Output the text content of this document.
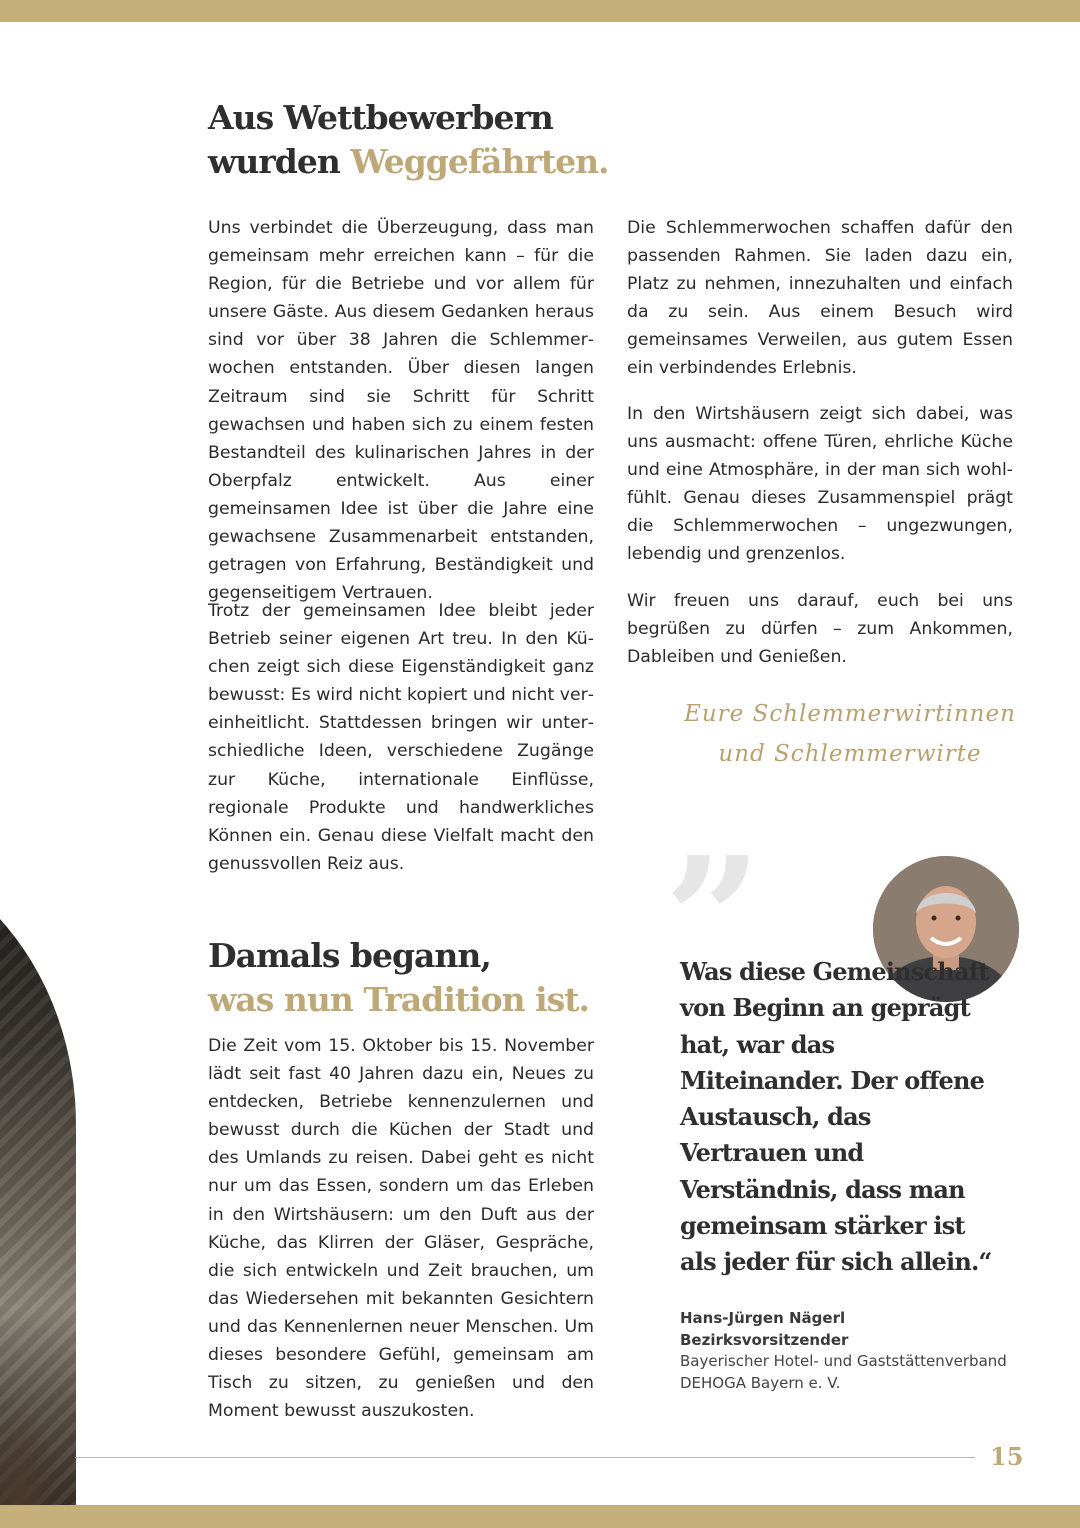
Aus Wettbewerbern
wurden Weggefährten.

Uns verbindet die Überzeugung, dass man gemeinsam mehr erreichen kann – für die Region, für die Betriebe und vor allem für unsere Gäste. Aus diesem Gedanken heraus sind vor über 38 Jahren die Schlemmerwochen entstanden. Über diesen langen Zeitraum sind sie Schritt für Schritt gewachsen und haben sich zu einem festen Bestandteil des kulinarischen Jahres in der Oberpfalz entwickelt. Aus einer gemeinsamen Idee ist über die Jahre eine gewachsene Zusammenarbeit entstanden, getragen von Erfahrung, Beständigkeit und gegenseitigem Vertrauen.

Trotz der gemeinsamen Idee bleibt jeder Betrieb seiner eigenen Art treu. In den Küchen zeigt sich diese Eigenständigkeit ganz bewusst: Es wird nicht kopiert und nicht vereinheitlicht. Stattdessen bringen wir unterschiedliche Ideen, verschiedene Zugänge zur Küche, internationale Einflüsse, regionale Produkte und handwerkliches Können ein. Genau diese Vielfalt macht den genussvollen Reiz aus.

Damals begann,
was nun Tradition ist.

Die Zeit vom 15. Oktober bis 15. November lädt seit fast 40 Jahren dazu ein, Neues zu entdecken, Betriebe kennenzulernen und bewusst durch die Küchen der Stadt und des Umlands zu reisen. Dabei geht es nicht nur um das Essen, sondern um das Erleben in den Wirtshäusern: um den Duft aus der Küche, das Klirren der Gläser, Gespräche, die sich entwickeln und Zeit brauchen, um das Wiedersehen mit bekannten Gesichtern und das Kennenlernen neuer Menschen. Um dieses besondere Gefühl, gemeinsam am Tisch zu sitzen, zu genießen und den Moment bewusst auszukosten.

Die Schlemmerwochen schaffen dafür den passenden Rahmen. Sie laden dazu ein, Platz zu nehmen, innezuhalten und einfach da zu sein. Aus einem Besuch wird gemeinsames Verweilen, aus gutem Essen ein verbindendes Erlebnis.

In den Wirtshäusern zeigt sich dabei, was uns ausmacht: offene Türen, ehrliche Küche und eine Atmosphäre, in der man sich wohlfühlt. Genau dieses Zusammenspiel prägt die Schlemmerwochen – ungezwungen, lebendig und grenzenlos.

Wir freuen uns darauf, euch bei uns begrüßen zu dürfen – zum Ankommen, Dableiben und Genießen.

Eure Schlemmerwirtinnen
und Schlemmerwirte
”

Was diese Gemeinschaft von Beginn an geprägt hat, war das Miteinander. Der offene Austausch, das Vertrauen und Verständnis, dass man gemeinsam stärker ist als jeder für sich allein.“

Hans-Jürgen Nägerl
Bezirksvorsitzender
Bayerischer Hotel- und Gaststättenverband
DEHOGA Bayern e. V.
15
